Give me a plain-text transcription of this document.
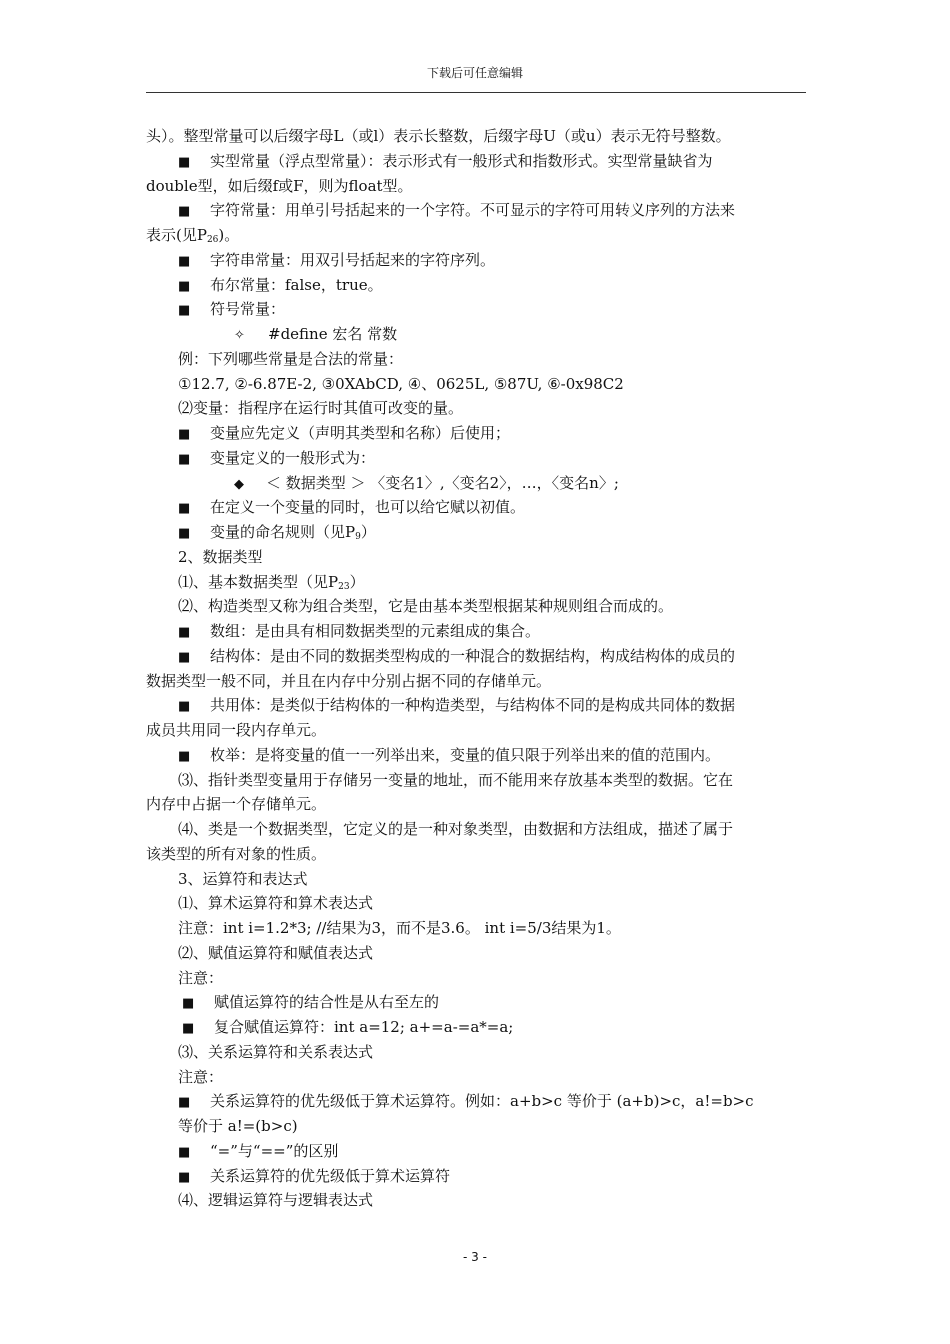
下载后可任意编辑
头）。整型常量可以后缀字母L（或l）表示长整数，后缀字母U（或u）表示无符号整数。
■ 实型常量（浮点型常量）：表示形式有一般形式和指数形式。实型常量缺省为
double型，如后缀f或F，则为float型。
■ 字符常量：用单引号括起来的一个字符。不可显示的字符可用转义序列的方法来
表示(见$P_{26}$)。
■ 字符串常量：用双引号括起来的字符序列。
■ 布尔常量：false，true。
■ 符号常量：
✧ #define 宏名 常数
例：下列哪些常量是合法的常量：
①12.7, ②-6.87E-2, ③0XAbCD, ④、0625L, ⑤87U, ⑥-0x98C2
⑵变量：指程序在运行时其值可改变的量。
■ 变量应先定义（声明其类型和名称）后使用；
■ 变量定义的一般形式为：
◆ ＜ 数据类型 ＞ 〈变名1〉,〈变名2〉，…，〈变名n〉;
■ 在定义一个变量的同时，也可以给它赋以初值。
■ 变量的命名规则（见$P_9$）
2、数据类型
⑴、基本数据类型（见$P_{23}$）
⑵、构造类型又称为组合类型，它是由基本类型根据某种规则组合而成的。
■ 数组：是由具有相同数据类型的元素组成的集合。
■ 结构体：是由不同的数据类型构成的一种混合的数据结构，构成结构体的成员的
数据类型一般不同，并且在内存中分别占据不同的存储单元。
■ 共用体：是类似于结构体的一种构造类型，与结构体不同的是构成共同体的数据
成员共用同一段内存单元。
■ 枚举：是将变量的值一一列举出来，变量的值只限于列举出来的值的范围内。
⑶、指针类型变量用于存储另一变量的地址，而不能用来存放基本类型的数据。它在
内存中占据一个存储单元。
⑷、类是一个数据类型，它定义的是一种对象类型，由数据和方法组成，描述了属于
该类型的所有对象的性质。
3、运算符和表达式
⑴、算术运算符和算术表达式
注意：int i=1.2*3; //结果为3，而不是3.6。 int i=5/3结果为1。
⑵、赋值运算符和赋值表达式
注意：
■ 赋值运算符的结合性是从右至左的
■ 复合赋值运算符：int a=12; a+=a-=a*=a;
⑶、关系运算符和关系表达式
注意：
■ 关系运算符的优先级低于算术运算符。例如：a+b>c 等价于 (a+b)>c，a!=b>c
等价于 a!=(b>c)
■ “=”与“==”的区别
■ 关系运算符的优先级低于算术运算符
⑷、逻辑运算符与逻辑表达式
- 3 -
